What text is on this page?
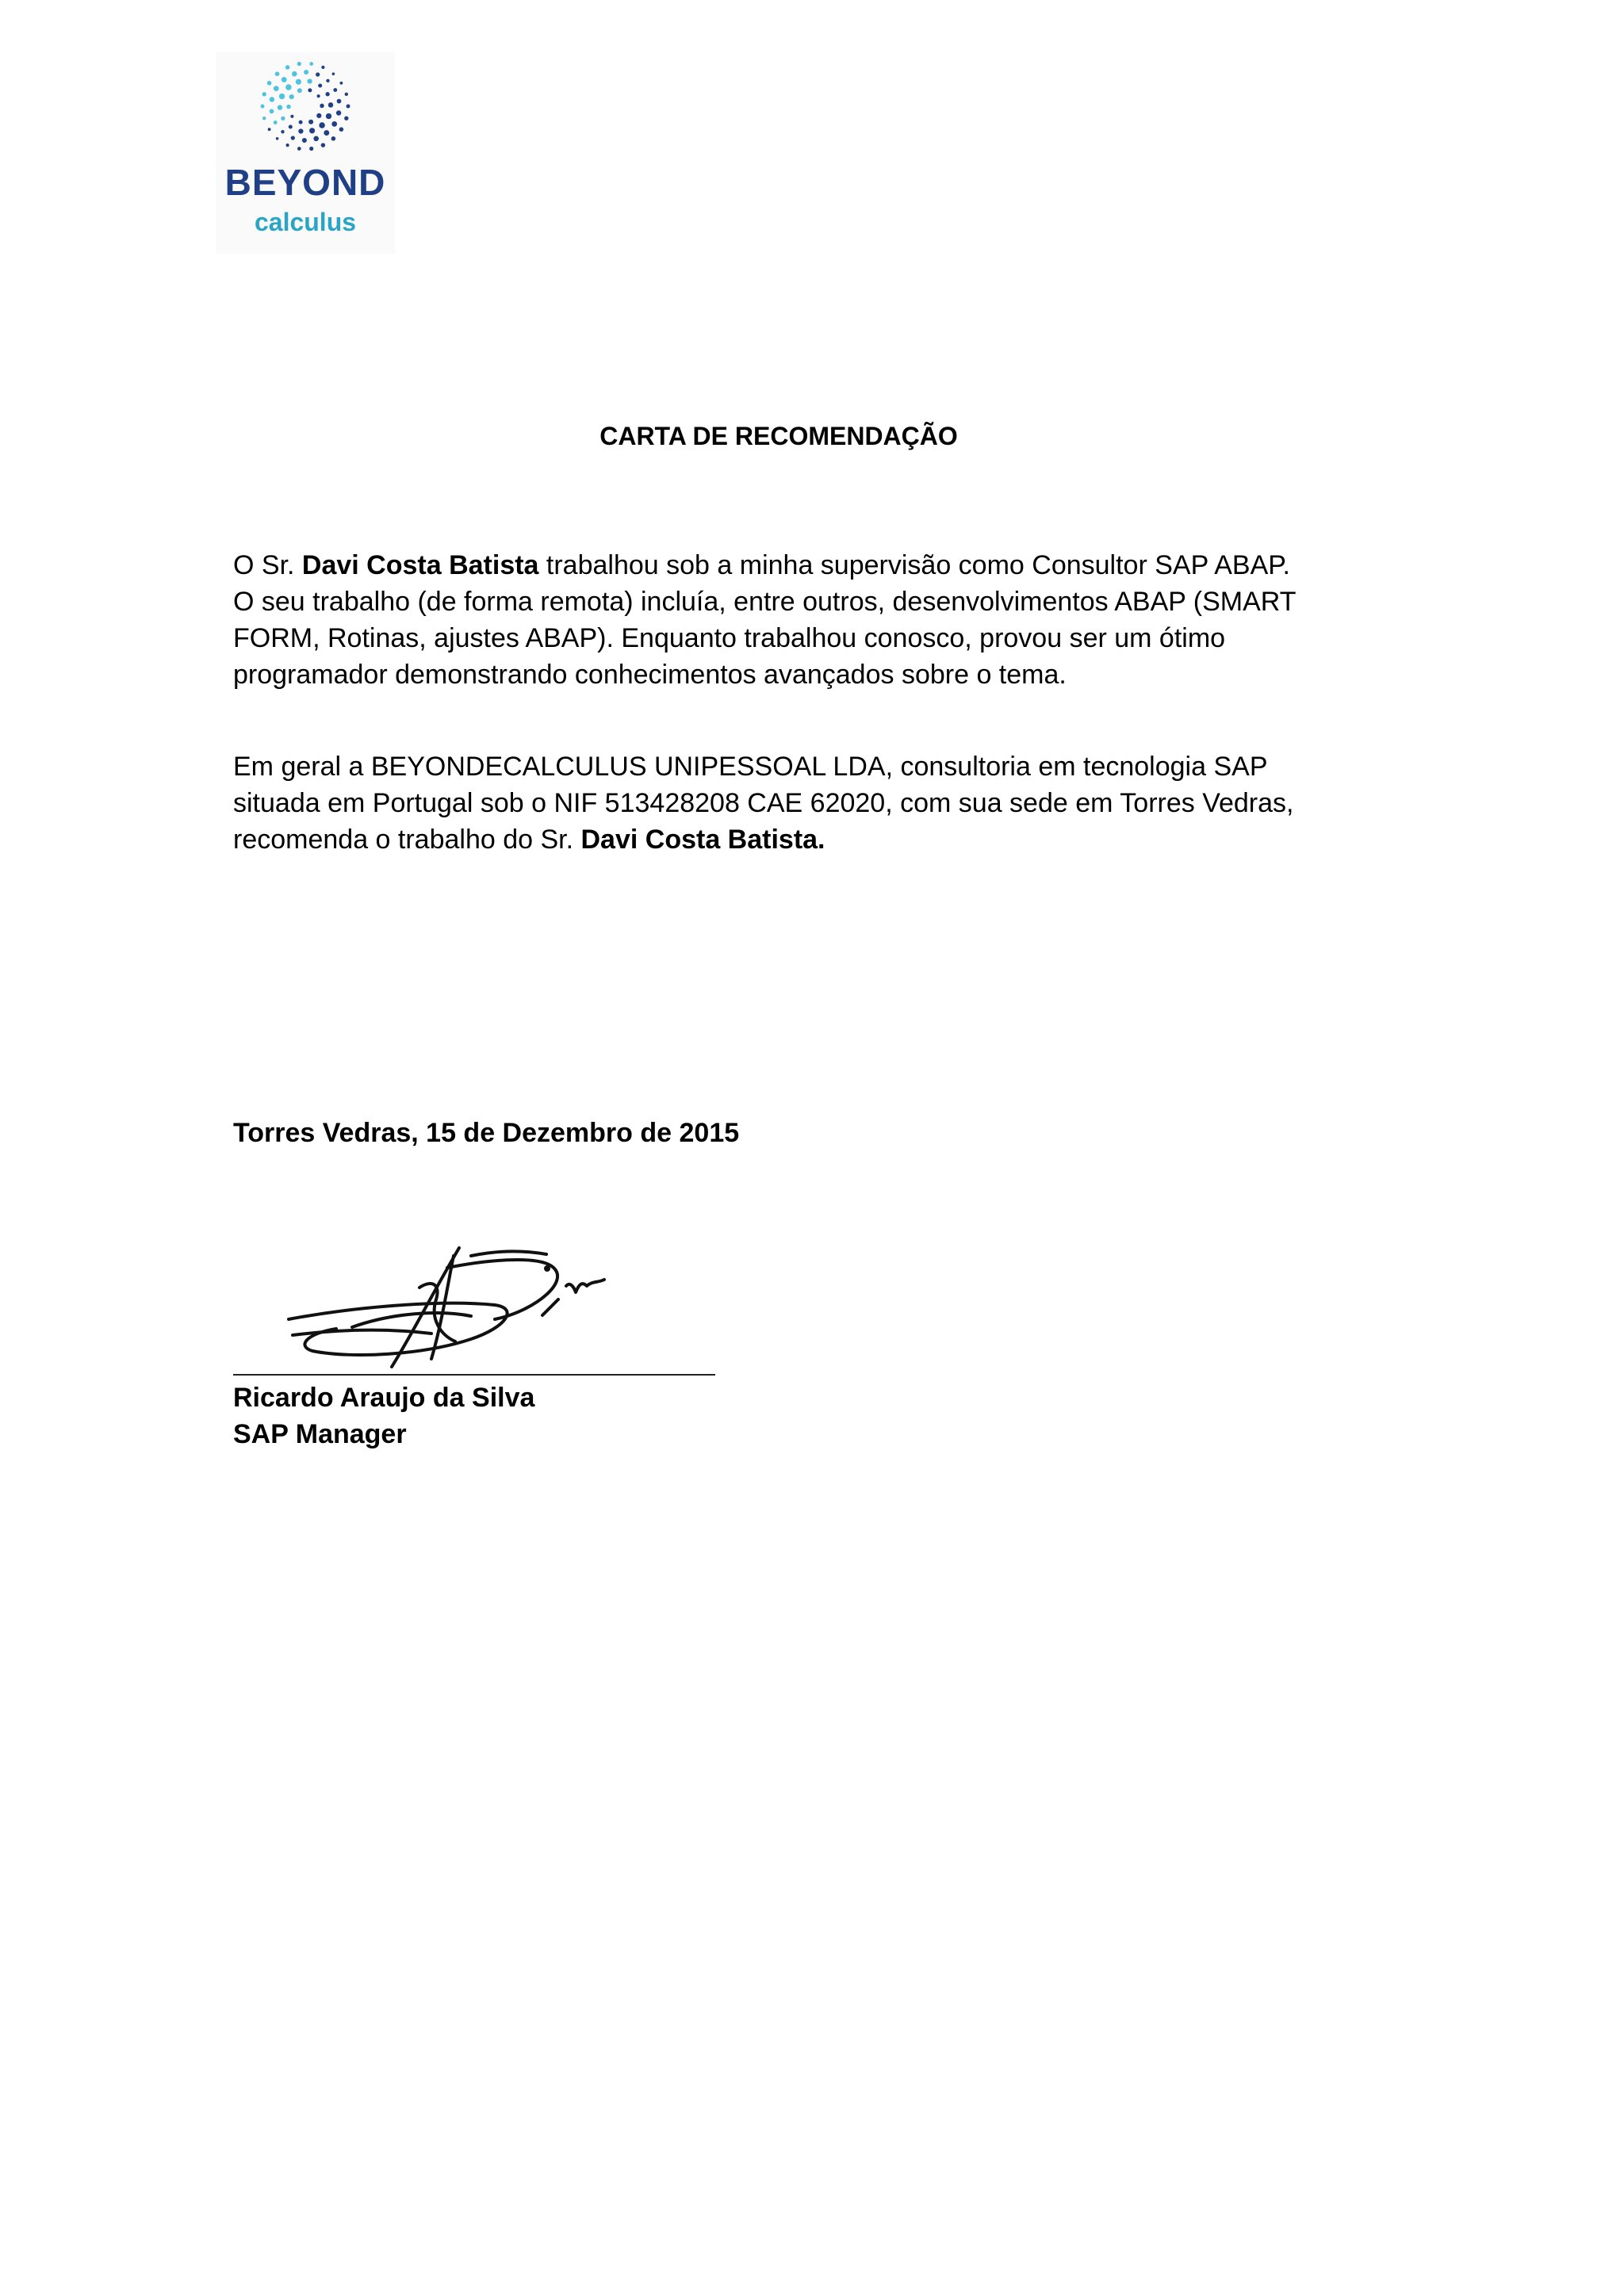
BEYOND
calculus
CARTA DE RECOMENDAÇÃO

O Sr. Davi Costa Batista trabalhou sob a minha supervisão como Consultor SAP ABAP.
O seu trabalho (de forma remota) incluía, entre outros, desenvolvimentos ABAP (SMART
FORM, Rotinas, ajustes ABAP). Enquanto trabalhou conosco, provou ser um ótimo
programador demonstrando conhecimentos avançados sobre o tema.

Em geral a BEYONDECALCULUS UNIPESSOAL LDA, consultoria em tecnologia SAP
situada em Portugal sob o NIF 513428208 CAE 62020, com sua sede em Torres Vedras,
recomenda o trabalho do Sr. Davi Costa Batista.

Torres Vedras, 15 de Dezembro de 2015
Ricardo Araujo da Silva
SAP Manager
